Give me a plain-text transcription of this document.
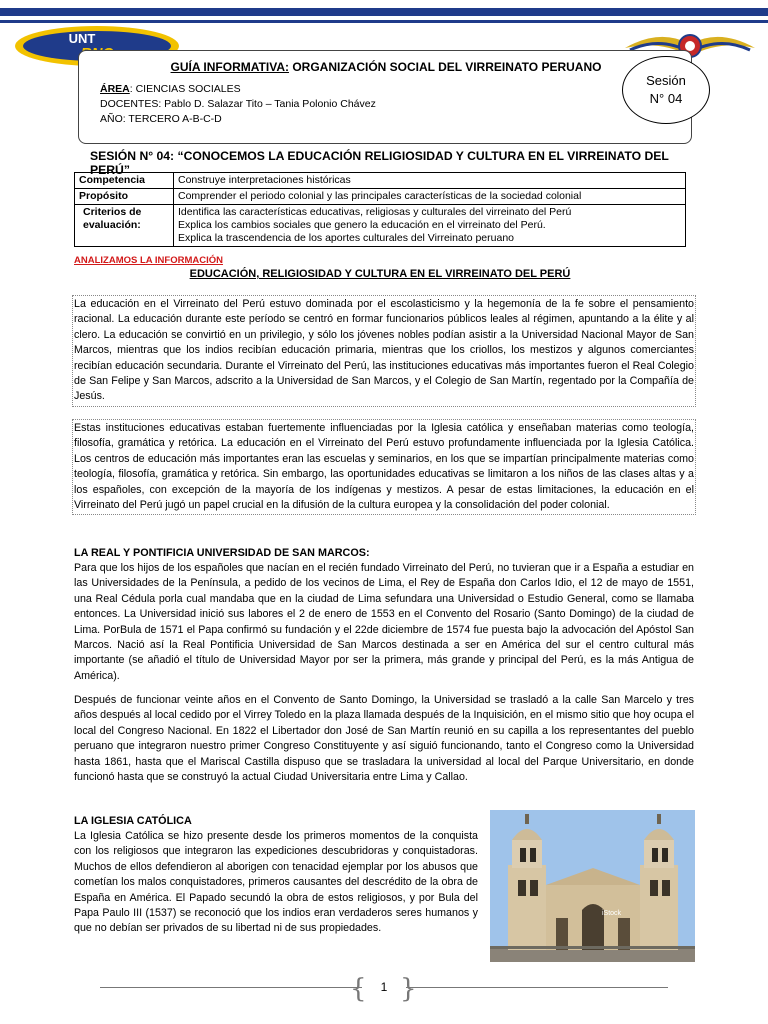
UNT
GUÍA INFORMATIVA: ORGANIZACIÓN SOCIAL DEL VIRREINATO PERUANO
ÁREA: CIENCIAS SOCIALES
DOCENTES: Pablo D. Salazar Tito – Tania Polonio Chávez
AÑO: TERCERO A-B-C-D
Sesión
N° 04
SESIÓN N° 04: “CONOCEMOS LA EDUCACIÓN RELIGIOSIDAD Y CULTURA EN EL VIRREINATO DEL PERÚ”
Competencia	Construye interpretaciones históricas
Propósito	Comprender el periodo colonial y las principales características de la sociedad colonial
Criterios de evaluación:	Identifica las características educativas, religiosas y culturales del virreinato del Perú
Explica los cambios sociales que genero la educación en el virreinato del Perú.
Explica la trascendencia de los aportes culturales del Virreinato peruano
ANALIZAMOS LA INFORMACIÓN
EDUCACIÓN, RELIGIOSIDAD Y CULTURA EN EL VIRREINATO DEL PERÚ
La educación en el Virreinato del Perú estuvo dominada por el escolasticismo y la hegemonía de la fe sobre el pensamiento racional. La educación durante este período se centró en formar funcionarios públicos leales al régimen, apuntando a la élite y al clero. La educación se convirtió en un privilegio, y sólo los jóvenes nobles podían asistir a la Universidad Nacional Mayor de San Marcos, mientras que los indios recibían educación primaria, mientras que los criollos, los mestizos y algunos comerciantes recibían educación secundaria. Durante el Virreinato del Perú, las instituciones educativas más importantes fueron el Real Colegio de San Felipe y San Marcos, adscrito a la Universidad de San Marcos, y el Colegio de San Martín, regentado por la Compañía de Jesús.
Estas instituciones educativas estaban fuertemente influenciadas por la Iglesia católica y enseñaban materias como teología, filosofía, gramática y retórica. La educación en el Virreinato del Perú estuvo profundamente influenciada por la Iglesia Católica. Los centros de educación más importantes eran las escuelas y seminarios, en los que se impartían principalmente materias como teología, filosofía, gramática y retórica. Sin embargo, las oportunidades educativas se limitaron a los niños de las clases altas y a los españoles, con excepción de la mayoría de los indígenas y mestizos. A pesar de estas limitaciones, la educación en el Virreinato del Perú jugó un papel crucial en la difusión de la cultura europea y la consolidación del poder colonial.
LA REAL Y PONTIFICIA UNIVERSIDAD DE SAN MARCOS:
Para que los hijos de los españoles que nacían en el recién fundado Virreinato del Perú, no tuvieran que ir a España a estudiar en las Universidades de la Península, a pedido de los vecinos de Lima, el Rey de España don Carlos Idio, el 12 de mayo de 1551, una Real Cédula porla cual mandaba que en la ciudad de Lima sefundara una Universidad o Estudio General, como se llamaba entonces. La Universidad inició sus labores el 2 de enero de 1553 en el Convento del Rosario (Santo Domingo) de la ciudad de Lima. PorBula de 1571 el Papa confirmó su fundación y el 22de diciembre de 1574 fue puesta bajo la advocación del Apóstol San Marcos. Nació así la Real Pontificia Universidad de San Marcos destinada a ser en América del sur el centro cultural más importante (se añadió el título de Universidad Mayor por ser la primera, más grande y principal del Perú, es la más Antigua de América).
Después de funcionar veinte años en el Convento de Santo Domingo, la Universidad se trasladó a la calle San Marcelo y tres años después al local cedido por el Virrey Toledo en la plaza llamada después de la Inquisición, en el mismo sitio que hoy ocupa el local del Congreso Nacional. En 1822 el Libertador don José de San Martín reunió en su capilla a los representantes del pueblo peruano que integraron nuestro primer Congreso Constituyente y así siguió funcionando, tanto el Congreso como la Universidad hasta 1861, hasta que el Mariscal Castilla dispuso que se trasladara la universidad al local del Parque Universitario, en donde funcionó hasta que se construyó la actual Ciudad Universitaria entre Lima y Callao.
LA IGLESIA CATÓLICA
La Iglesia Católica se hizo presente desde los primeros momentos de la conquista con los religiosos que integraron las expediciones descubridoras y conquistadoras. Muchos de ellos defendieron al aborigen con tenacidad ejemplar por los abusos que cometían los malos conquistadores, primeros causantes del descrédito de la obra de España en América. El Papado secundó la obra de estos religiosos, y por Bula del Papa Paulo III (1537) se reconoció que los indios eran verdaderos seres humanos y que no debían ser privados de su libertad ni de sus propiedades.
iStock
{ }
1
